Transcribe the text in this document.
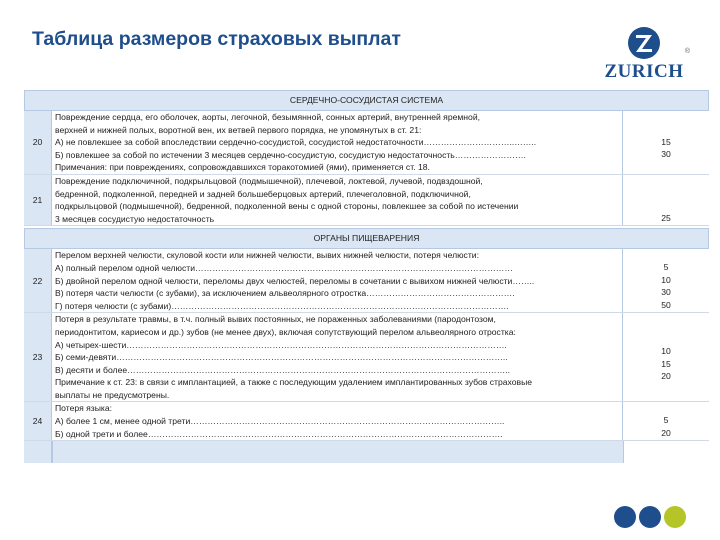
Таблица размеров страховых выплат
®
ZURICH
СЕРДЕЧНО-СОСУДИСТАЯ СИСТЕМА
20
Повреждение сердца, его оболочек, аорты, легочной, безымянной, сонных артерий, внутренней яремной,
верхней и нижней полых, воротной вен, их ветвей первого порядка, не упомянутых в ст. 21:
А) не повлекшее за собой впоследствии сердечно-сосудистой, сосудистой недостаточности…………………………..……..
Б) повлекшее за собой по истечении 3 месяцев сердечно-сосудистую, сосудистую недостаточность…………………….
Примечания: при повреждениях, сопровождавшихся торакотомией (ями), применяется ст. 18.
15
30
21
Повреждение подключичной, подкрыльцовой (подмышечной), плечевой, локтевой, лучевой, подвздошной,
бедренной, подколенной, передней и задней большеберцовых артерий, плечеголовной, подключичной,
подкрыльцовой (подмышечной), бедренной, подколенной вены с одной стороны, повлекшее за собой по истечении
3 месяцев сосудистую недостаточность	25
ОРГАНЫ ПИЩЕВАРЕНИЯ
22
Перелом верхней челюсти, скуловой кости или нижней челюсти, вывих нижней челюсти, потеря челюсти:
А) полный перелом одной челюсти…………………………………………………………………………………………………
Б) двойной перелом одной челюсти, переломы двух челюстей, переломы в сочетании с вывихом нижней челюсти……..
В) потеря части челюсти (с зубами), за исключением альвеолярного отростка…………………………………………….
Г) потеря челюсти (с зубами)……………………………………………………………………………………………………….
5
10
30
50
23
Потеря в результате травмы, в т.ч. полный вывих постоянных, не пораженных заболеваниями (пародонтозом,
периодонтитом, кариесом и др.) зубов (не менее двух), включая сопутствующий перелом альвеолярного отростка:
А) четырех-шести…………………………………………………………………………………………………………………….
Б) семи-девяти………………………………………………………………………………………………………………………..
В) десяти и более……………………………………………………………………………………………………………………..
Примечание к ст. 23: в связи с имплантацией, а также с последующим удалением имплантированных зубов страховые
выплаты не предусмотрены.
10
15
20
24
Потеря языка:
А) более 1 см, менее одной трети………………………………………………………………………………………………..
Б) одной трети и более…………………………………………………………………………………………………………….
5
20
